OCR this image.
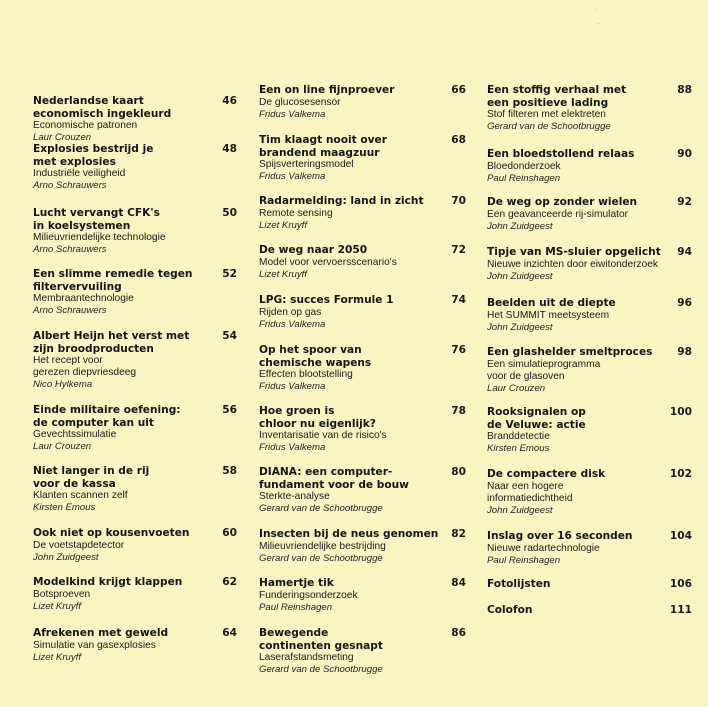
Nederlandse kaart
economisch ingekleurd
Economische patronen
Laur Crouzen
46
Explosies bestrijd je
met explosies
Industriële veiligheid
Arno Schrauwers
48
Lucht vervangt CFK's
in koelsystemen
Milieuvriendelijke technologie
Arno Schrauwers
50
Een slimme remedie tegen
filtervervuiling
Membraantechnologie
Arno Schrauwers
52
Albert Heijn het verst met
zijn broodproducten
Het recept voor
gerezen diepvriesdeeg
Nico Hylkema
54
Einde militaire oefening:
de computer kan uit
Gevechtssimulatie
Laur Crouzen
56
Niet langer in de rij
voor de kassa
Klanten scannen zelf
Kirsten Emous
58
Ook niet op kousenvoeten
De voetstapdetector
John Zuidgeest
60
Modelkind krijgt klappen
Botsproeven
Lizet Kruyff
62
Afrekenen met geweld
Simulatie van gasexplosies
Lizet Kruyff
64
Een on line fijnproever
De glucosesensor
Fridus Valkema
66
Tim klaagt nooit over
brandend maagzuur
Spijsverteringsmodel
Fridus Valkema
68
Radarmelding: land in zicht
Remote sensing
Lizet Kruyff
70
De weg naar 2050
Model voor vervoersscenario's
Lizet Kruyff
72
LPG: succes Formule 1
Rijden op gas
Fridus Valkema
74
Op het spoor van
chemische wapens
Effecten blootstelling
Fridus Valkema
76
Hoe groen is
chloor nu eigenlijk?
Inventarisatie van de risico's
Fridus Valkema
78
DIANA: een computer-
fundament voor de bouw
Sterkte-analyse
Gerard van de Schootbrugge
80
Insecten bij de neus genomen
Milieuvriendelijke bestrijding
Gerard van de Schootbrugge
82
Hamertje tik
Funderingsonderzoek
Paul Reinshagen
84
Bewegende
continenten gesnapt
Laserafstandsmeting
Gerard van de Schootbrugge
86
Een stoffig verhaal met
een positieve lading
Stof filteren met elektreten
Gerard van de Schootbrugge
88
Een bloedstollend relaas
Bloedonderzoek
Paul Reinshagen
90
De weg op zonder wielen
Een geavanceerde rij-simulator
John Zuidgeest
92
Tipje van MS-sluier opgelicht
Nieuwe inzichten door eiwitonderzoek
John Zuidgeest
94
Beelden uit de diepte
Het SUMMIT meetsysteem
John Zuidgeest
96
Een glashelder smeltproces
Een simulatieprogramma
voor de glasoven
Laur Crouzen
98
Rooksignalen op
de Veluwe: actie
Branddetectie
Kirsten Emous
100
De compactere disk
Naar een hogere
informatiedichtheid
John Zuidgeest
102
Inslag over 16 seconden
Nieuwe radartechnologie
Paul Reinshagen
104
Fotolijsten	106
Colofon	111
·
·
